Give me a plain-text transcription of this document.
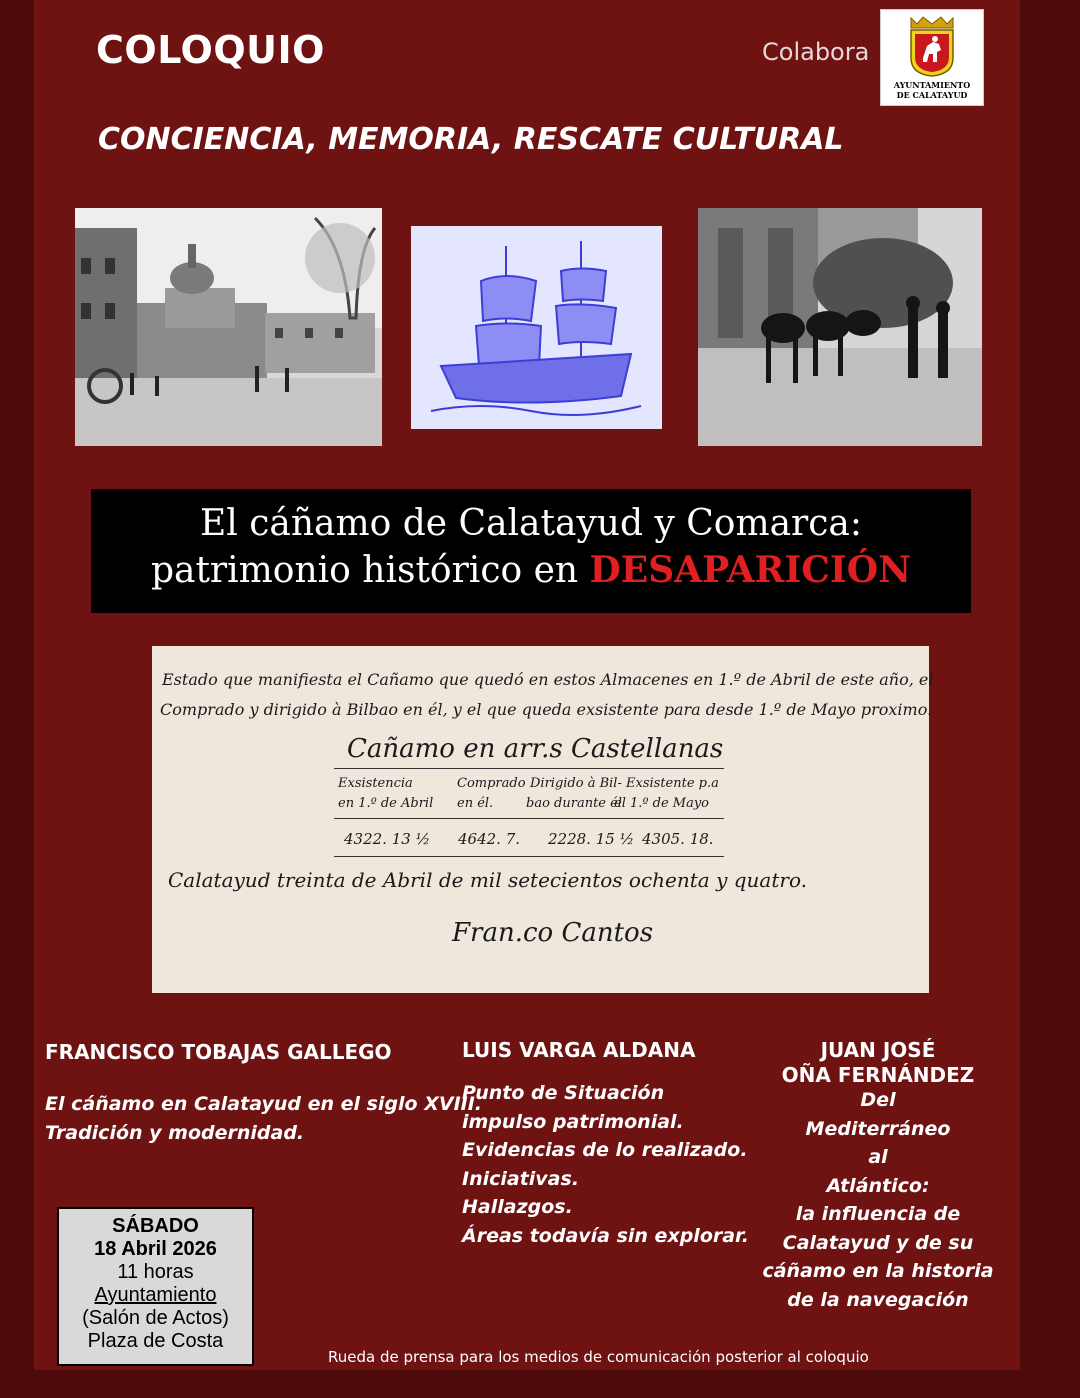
COLOQUIO	Colabora
AYUNTAMIENTO
DE CALATAYUD
CONCIENCIA, MEMORIA, RESCATE CULTURAL
El cáñamo de Calatayud y Comarca:
patrimonio histórico en DESAPARICIÓN
Estado que manifiesta el Cañamo que quedó en estos Almacenes en 1.º de Abril de este año, el
Comprado y dirigido à Bilbao en él, y el que queda exsistente para desde 1.º de Mayo proximo.
Cañamo en arr.s Castellanas
Exsistencia
en 1.º de Abril
Comprado
en él.
Dirigido à Bil-
bao durante él
Exsistente p.a
el 1.º de Mayo
4322. 13 ½ 4642. 7. 2228. 15 ½ 4305. 18.
Calatayud treinta de Abril de mil setecientos ochenta y quatro.
Fran.co Cantos
FRANCISCO TOBAJAS GALLEGO
El cáñamo en Calatayud en el siglo XVIII.
Tradición y modernidad.
LUIS VARGA ALDANA
Punto de Situación
impulso patrimonial.
Evidencias de lo realizado.
Iniciativas.
Hallazgos.
Áreas todavía sin explorar.
JUAN JOSÉ
OÑA FERNÁNDEZ
Del
Mediterráneo
al
Atlántico:
la influencia de
Calatayud y de su
cáñamo en la historia
de la navegación
SÁBADO
18 Abril 2026
11 horas
Ayuntamiento
(Salón de Actos)
Plaza de Costa
Rueda de prensa para los medios de comunicación posterior al coloquio
